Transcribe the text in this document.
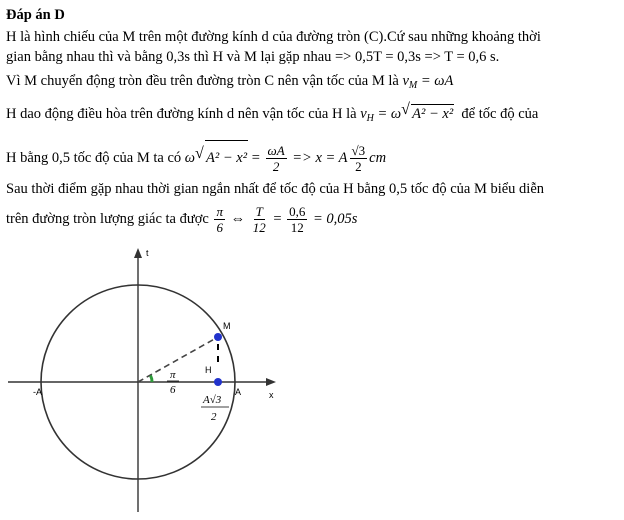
Đáp án D
H là hình chiếu của M trên một đường kính d của đường tròn (C).Cứ sau những khoảng thời
gian bằng nhau thì và bằng 0,3s thì H và M lại gặp nhau => 0,5T = 0,3s => T = 0,6 s.
Vì M chuyển động tròn đều trên đường tròn C nên vận tốc của M là $v_M = \omega A$
H dao động điều hòa trên đường kính d nên vận tốc của H là $v_H = \omega$ √ A² − x² để tốc độ của
H bằng 0,5 tốc độ của M ta có ω √ $A^2 - x^2 = \frac{\omega A}{2} => x = A \frac{√3}{2}$ cm
Sau thời điểm gặp nhau thời gian ngắn nhất để tốc độ của H bằng 0,5 tốc độ của M biểu diễn
trên đường tròn lượng giác ta được $\frac{\pi}{6}$ ⇔ $\frac{T}{12} = \frac{0,6}{12} = 0,05s$
t
x
M
H
A
-A
π
6
A√3
2
